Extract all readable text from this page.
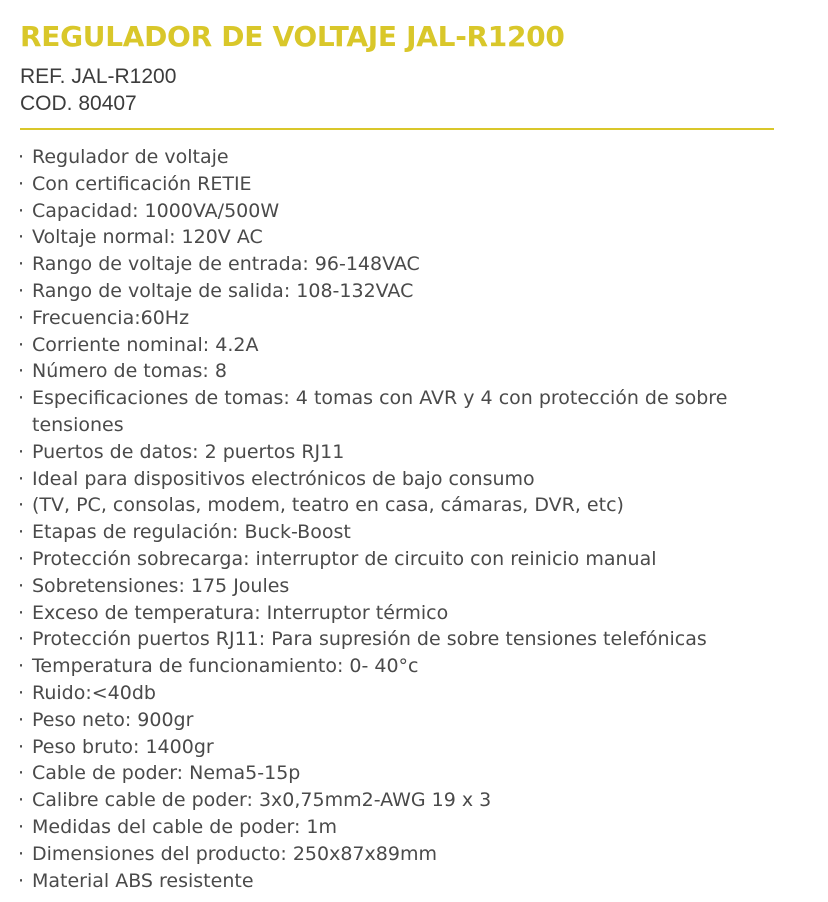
REGULADOR DE VOLTAJE JAL-R1200
REF. JAL-R1200
COD. 80407
· Regulador de voltaje
· Con certificación RETIE
· Capacidad: 1000VA/500W
· Voltaje normal: 120V AC
· Rango de voltaje de entrada: 96-148VAC
· Rango de voltaje de salida: 108-132VAC
· Frecuencia:60Hz
· Corriente nominal: 4.2A
· Número de tomas: 8
· Especificaciones de tomas: 4 tomas con AVR y 4 con protección de sobre tensiones
· Puertos de datos: 2 puertos RJ11
· Ideal para dispositivos electrónicos de bajo consumo
· (TV, PC, consolas, modem, teatro en casa, cámaras, DVR, etc)
· Etapas de regulación: Buck-Boost
· Protección sobrecarga: interruptor de circuito con reinicio manual
· Sobretensiones: 175 Joules
· Exceso de temperatura: Interruptor térmico
· Protección puertos RJ11: Para supresión de sobre tensiones telefónicas
· Temperatura de funcionamiento: 0- 40°c
· Ruido:<40db
· Peso neto: 900gr
· Peso bruto: 1400gr
· Cable de poder: Nema5-15p
· Calibre cable de poder: 3x0,75mm2-AWG 19 x 3
· Medidas del cable de poder: 1m
· Dimensiones del producto: 250x87x89mm
· Material ABS resistente
